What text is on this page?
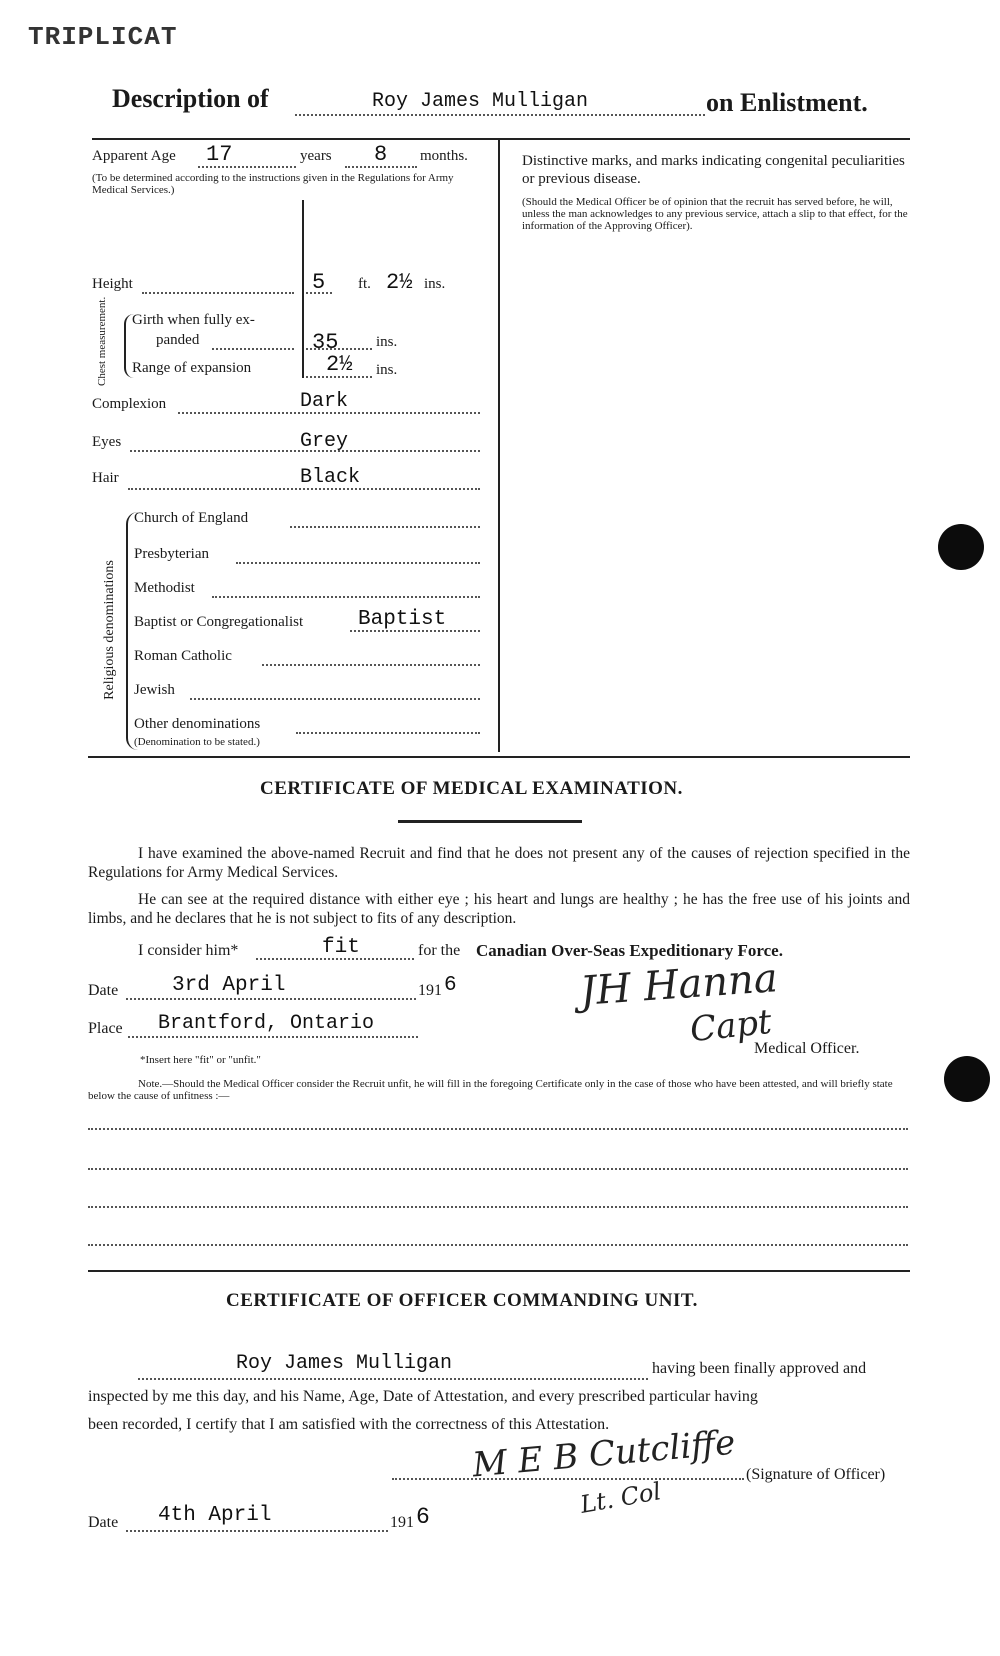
TRIPLICAT
Description of	Roy James Mulligan	on Enlistment.
Apparent Age 17	years 8 months.
(To be determined according to the instructions given in the Regulations for Army Medical Services.)
Height	5 ft. 2½ ins.
Chest measurement. Girth when fully ex-
panded	35	ins.
Range of expansion	2½ ins.
Complexion	Dark
Eyes	Grey
Hair	Black
Religious denominations
Church of England
Presbyterian
Methodist
Baptist or Congregationalist	Baptist
Roman Catholic
Jewish
Other denominations
(Denomination to be stated.)
Distinctive marks, and marks indicating congenital peculiarities or previous disease.
(Should the Medical Officer be of opinion that the recruit has served before, he will, unless the man acknowledges to any previous service, attach a slip to that effect, for the information of the Approving Officer).
CERTIFICATE OF MEDICAL EXAMINATION.
I have examined the above-named Recruit and find that he does not present any of the causes of rejection specified in the Regulations for Army Medical Services.
He can see at the required distance with either eye ; his heart and lungs are healthy ; he has the free use of his joints and limbs, and he declares that he is not subject to fits of any description.
I consider him*	fit	for the Canadian Over-Seas Expeditionary Force.
Date	3rd April	191 6
Place Brantford, Ontario
JH Hanna
Capt
Medical Officer.
*Insert here "fit" or "unfit."
Note.—Should the Medical Officer consider the Recruit unfit, he will fill in the foregoing Certificate only in the case of those who have been attested, and will briefly state below the cause of unfitness :—
CERTIFICATE OF OFFICER COMMANDING UNIT.
Roy James Mulligan	having been finally approved and
inspected by me this day, and his Name, Age, Date of Attestation, and every prescribed particular having
been recorded, I certify that I am satisfied with the correctness of this Attestation.
M E B Cutcliffe
Lt. Col
(Signature of Officer)
Date 4th April	191 6
